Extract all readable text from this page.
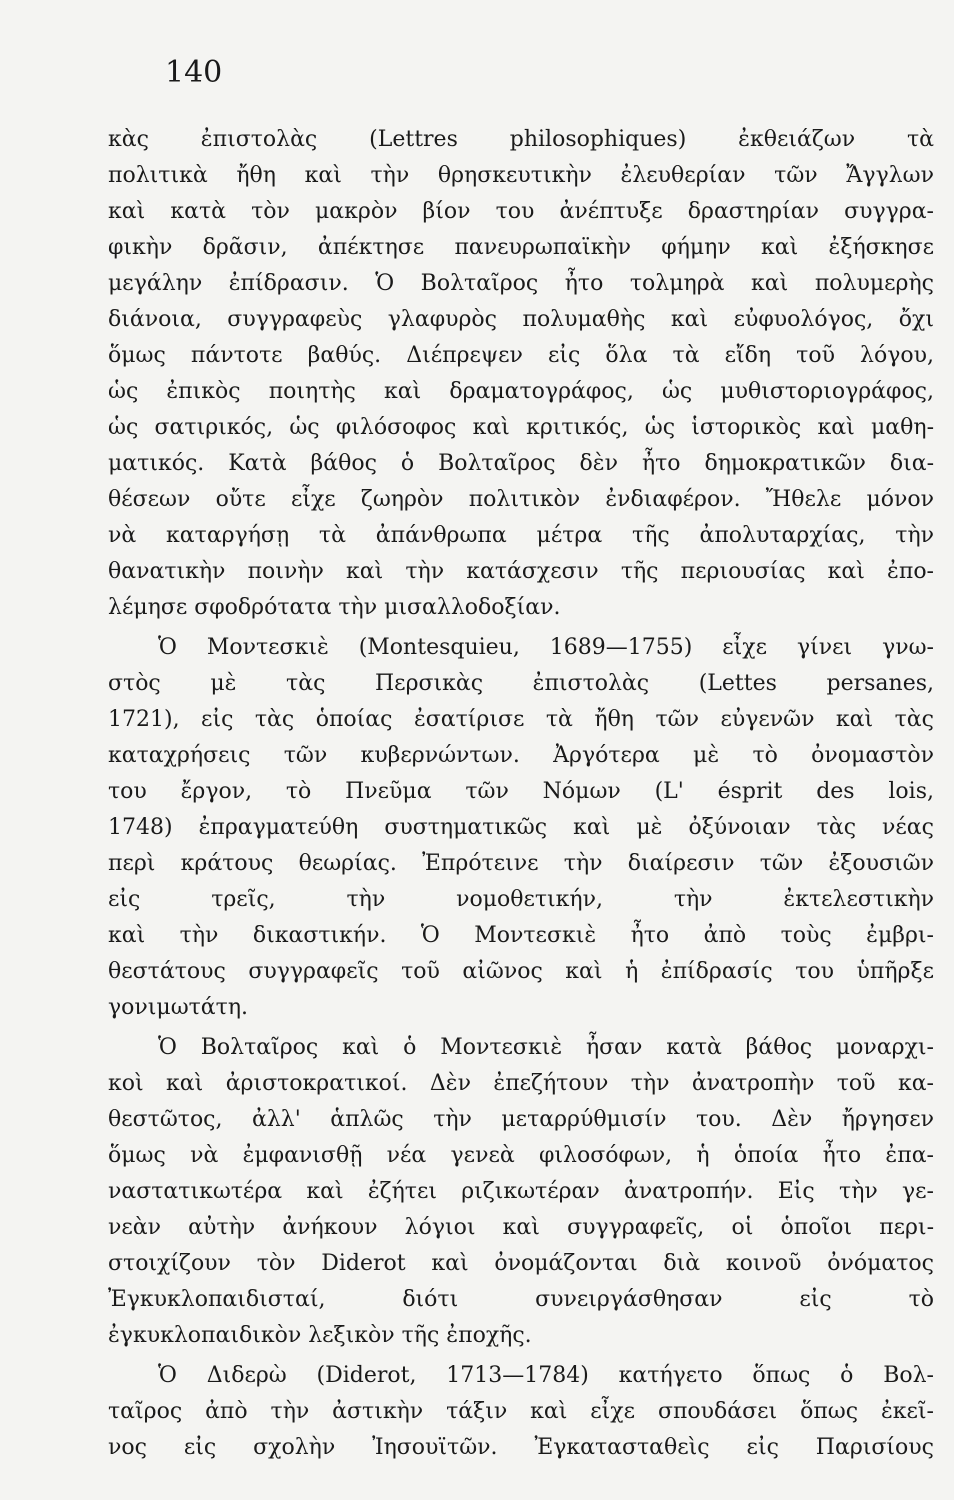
140
κὰς ἐπιστολὰς (Lettres philosophiques) ἐκθειάζων τὰ
πολιτικὰ ἤθη καὶ τὴν θρησκευτικὴν ἐλευθερίαν τῶν Ἄγγλων
καὶ κατὰ τὸν μακρὸν βίον του ἀνέπτυξε δραστηρίαν συγγρα-
φικὴν δρᾶσιν, ἀπέκτησε πανευρωπαϊκὴν φήμην καὶ ἐξήσκησε
μεγάλην ἐπίδρασιν. Ὁ Βολταῖρος ἦτο τολμηρὰ καὶ πολυμερὴς
διάνοια, συγγραφεὺς γλαφυρὸς πολυμαθὴς καὶ εὐφυολόγος, ὄχι
ὅμως πάντοτε βαθύς. Διέπρεψεν εἰς ὅλα τὰ εἴδη τοῦ λόγου,
ὡς ἐπικὸς ποιητὴς καὶ δραματογράφος, ὡς μυθιστοριογράφος,
ὡς σατιρικός, ὡς φιλόσοφος καὶ κριτικός, ὡς ἱστορικὸς καὶ μαθη-
ματικός. Κατὰ βάθος ὁ Βολταῖρος δὲν ἦτο δημοκρατικῶν δια-
θέσεων οὔτε εἶχε ζωηρὸν πολιτικὸν ἐνδιαφέρον. Ἤθελε μόνον
νὰ καταργήσῃ τὰ ἀπάνθρωπα μέτρα τῆς ἀπολυταρχίας, τὴν
θανατικὴν ποινὴν καὶ τὴν κατάσχεσιν τῆς περιουσίας καὶ ἐπο-
λέμησε σφοδρότατα τὴν μισαλλοδοξίαν.
Ὁ Μοντεσκιὲ (Montesquieu, 1689—1755) εἶχε γίνει γνω-
στὸς μὲ τὰς Περσικὰς ἐπιστολὰς (Lettes persanes,
1721), εἰς τὰς ὁποίας ἐσατίρισε τὰ ἤθη τῶν εὐγενῶν καὶ τὰς
καταχρήσεις τῶν κυβερνώντων. Ἀργότερα μὲ τὸ ὀνομαστὸν
του ἔργον, τὸ Πνεῦμα τῶν Νόμων (L' ésprit des lois,
1748) ἐπραγματεύθη συστηματικῶς καὶ μὲ ὀξύνοιαν τὰς νέας
περὶ κράτους θεωρίας. Ἐπρότεινε τὴν διαίρεσιν τῶν ἐξουσιῶν
εἰς τρεῖς, τὴν νομοθετικήν, τὴν ἐκτελεστικὴν
καὶ τὴν δικαστικήν. Ὁ Μοντεσκιὲ ἦτο ἀπὸ τοὺς ἐμβρι-
θεστάτους συγγραφεῖς τοῦ αἰῶνος καὶ ἡ ἐπίδρασίς του ὑπῆρξε
γονιμωτάτη.
Ὁ Βολταῖρος καὶ ὁ Μοντεσκιὲ ἦσαν κατὰ βάθος μοναρχι-
κοὶ καὶ ἀριστοκρατικοί. Δὲν ἐπεζήτουν τὴν ἀνατροπὴν τοῦ κα-
θεστῶτος, ἀλλ' ἁπλῶς τὴν μεταρρύθμισίν του. Δὲν ἤργησεν
ὅμως νὰ ἐμφανισθῇ νέα γενεὰ φιλοσόφων, ἡ ὁποία ἦτο ἐπα-
ναστατικωτέρα καὶ ἐζήτει ριζικωτέραν ἀνατροπήν. Εἰς τὴν γε-
νεὰν αὐτὴν ἀνήκουν λόγιοι καὶ συγγραφεῖς, οἱ ὁποῖοι περι-
στοιχίζουν τὸν Diderot καὶ ὀνομάζονται διὰ κοινοῦ ὀνόματος
Ἐγκυκλοπαιδισταί, διότι συνειργάσθησαν εἰς τὸ
ἐγκυκλοπαιδικὸν λεξικὸν τῆς ἐποχῆς.
Ὁ Διδερὼ (Diderot, 1713—1784) κατήγετο ὅπως ὁ Βολ-
ταῖρος ἀπὸ τὴν ἀστικὴν τάξιν καὶ εἶχε σπουδάσει ὅπως ἐκεῖ-
νος εἰς σχολὴν Ἰησουϊτῶν. Ἐγκατασταθεὶς εἰς Παρισίους
